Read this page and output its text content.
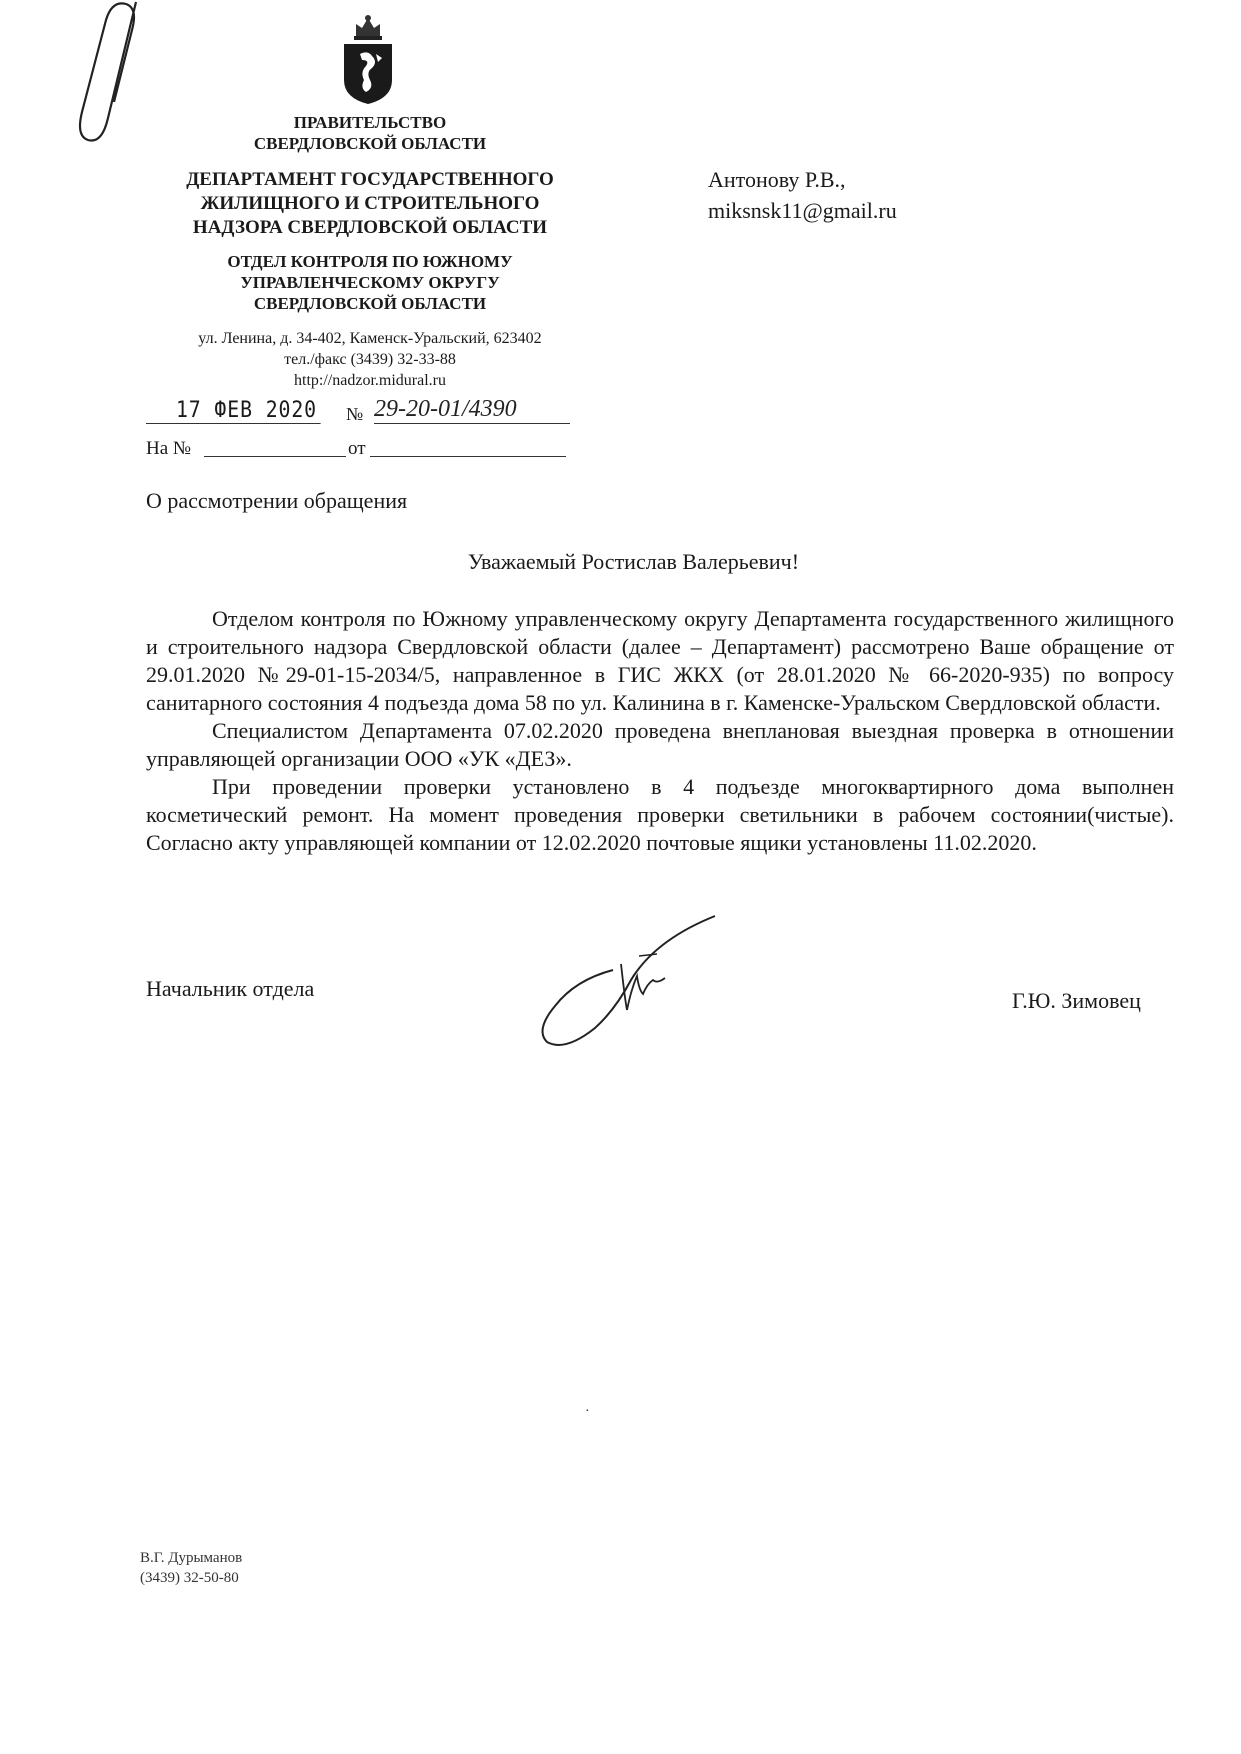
ПРАВИТЕЛЬСТВО
СВЕРДЛОВСКОЙ ОБЛАСТИ
ДЕПАРТАМЕНТ ГОСУДАРСТВЕННОГО
ЖИЛИЩНОГО И СТРОИТЕЛЬНОГО
НАДЗОРА СВЕРДЛОВСКОЙ ОБЛАСТИ
ОТДЕЛ КОНТРОЛЯ ПО ЮЖНОМУ
УПРАВЛЕНЧЕСКОМУ ОКРУГУ
СВЕРДЛОВСКОЙ ОБЛАСТИ
ул. Ленина, д. 34-402, Каменск-Уральский, 623402
тел./факс (3439) 32-33-88
http://nadzor.midural.ru
Антонову Р.В.,
miksnsk11@gmail.ru
17 ФЕВ 2020 № 29-20-01/4390
На №	от
О рассмотрении обращения
Уважаемый Ростислав Валерьевич!

Отделом контроля по Южному управленческому округу Департамента государственного жилищного и строительного надзора Свердловской области (далее – Департамент) рассмотрено Ваше обращение от 29.01.2020 №29-01-15-2034/5, направленное в ГИС ЖКХ (от 28.01.2020 № 66-2020-935) по вопросу санитарного состояния 4 подъезда дома 58 по ул. Калинина в г. Каменске-Уральском Свердловской области.

Специалистом Департамента 07.02.2020 проведена внеплановая выездная проверка в отношении управляющей организации ООО «УК «ДЕЗ».

При проведении проверки установлено в 4 подъезде многоквартирного дома выполнен косметический ремонт. На момент проведения проверки светильники в рабочем состоянии(чистые). Согласно акту управляющей компании от 12.02.2020 почтовые ящики установлены 11.02.2020.

Начальник отдела	Г.Ю. Зимовец
·
В.Г. Дурыманов
(3439) 32-50-80
